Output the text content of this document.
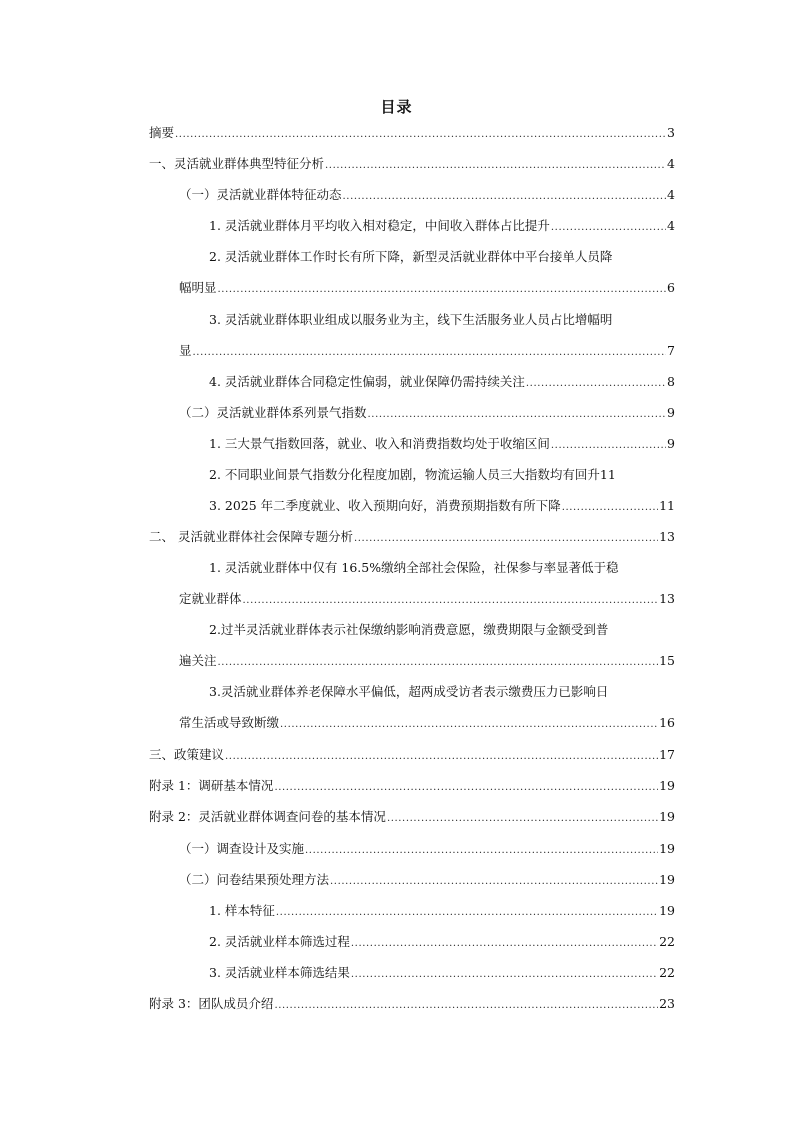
目录
摘要 .....	3
一、灵活就业群体典型特征分析 .....	4
（一）灵活就业群体特征动态 .....	4
1. 灵活就业群体月平均收入相对稳定，中间收入群体占比提升 .....	4
2. 灵活就业群体工作时长有所下降，新型灵活就业群体中平台接单人员降
幅明显 .....	6
3. 灵活就业群体职业组成以服务业为主，线下生活服务业人员占比增幅明
显 .....	7
4. 灵活就业群体合同稳定性偏弱，就业保障仍需持续关注 .....	8
（二）灵活就业群体系列景气指数 .....	9
1. 三大景气指数回落，就业、收入和消费指数均处于收缩区间 .....	9
2. 不同职业间景气指数分化程度加剧，物流运输人员三大指数均有回升 11
3. 2025 年二季度就业、收入预期向好，消费预期指数有所下降 .....	11
二、 灵活就业群体社会保障专题分析 .....	13
1. 灵活就业群体中仅有 16.5%缴纳全部社会保险，社保参与率显著低于稳
定就业群体 .....	13
2.过半灵活就业群体表示社保缴纳影响消费意愿，缴费期限与金额受到普
遍关注 .....	15
3.灵活就业群体养老保障水平偏低，超两成受访者表示缴费压力已影响日
常生活或导致断缴 .....	16
三、政策建议 .....	17
附录 1：调研基本情况 .....	19
附录 2：灵活就业群体调查问卷的基本情况 .....	19
（一）调查设计及实施 .....	19
（二）问卷结果预处理方法 .....	19
1. 样本特征 .....	19
2. 灵活就业样本筛选过程 .....	22
3. 灵活就业样本筛选结果 .....	22
附录 3：团队成员介绍 .....	23
